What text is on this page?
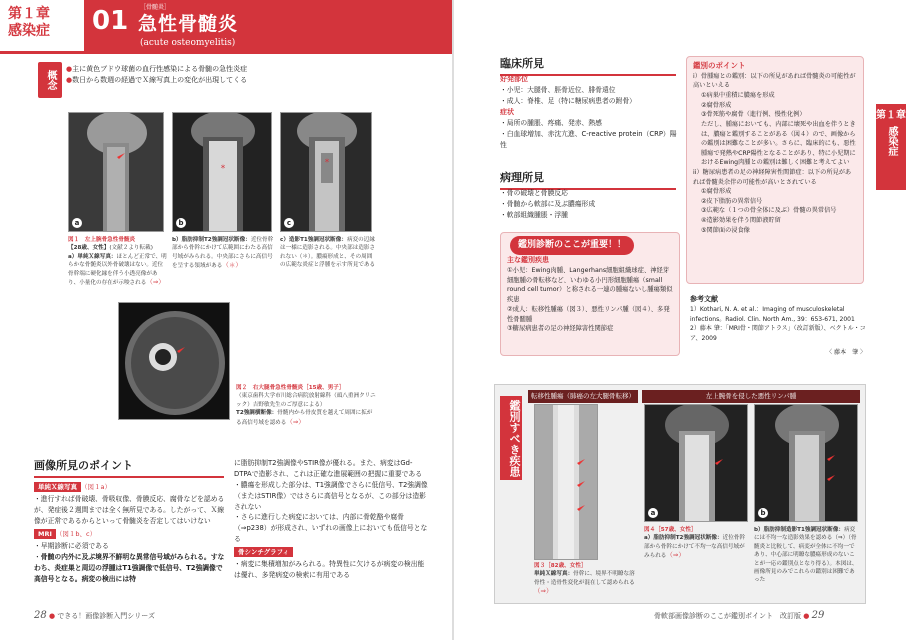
第１章
感染症	01 ［骨髄炎］
急性骨髄炎
(acute osteomyelitis)
概念
●主に黄色ブドウ球菌の血行性感染による骨髄の急性炎症
●数日から数週の経過でＸ線写真上の変化が出現してくる
a
*
b
*
c
図１　左上腕骨急性骨髄炎
【28歳、女性】(文献２より転載)
a）単純Ｘ線写真：ほとんど正常で、明らかな骨髄炎以外骨破壊はない。近位骨幹端に硬化縁を伴う小透亮像があり、小量化の存在が示唆される（⇒）
b）脂肪抑制T2強調冠状断像：近位骨幹部から骨幹にかけて広範囲にわたる高信号域がみられる。中央部にさらに高信号を呈する領域がある（＊）
c）造影T1強調冠状断像：病変の辺縁は一様に造影される。中央部は造影されない（＊）。膿瘍形成と、その周囲の広範な炎症と浮腫を示す所見である
図２　右大腿骨急性骨髄炎［15歳、男子］
（東京歯科大学市川総合病院放射線科（頭八重洲クリニック）吉野敏先生のご厚意による）
T2強調横断像：骨髄内から骨皮質を越えて周囲に拡がる高信号域を認める（⇒）
画像所見のポイント
単純Ｘ線写真 （図１a）
・進行すれば骨破壊、骨吸収像、骨膜反応、腐骨などを認めるが、発症後２週間までは全く無所見である。したがって、Ｘ線像が正常であるからといって骨髄炎を否定してはいけない
MRI （図１b、c）
・早期診断に必須である
・骨髄の内外に及ぶ境界不鮮明な異常信号域がみられる。すなわち、炎症巣と周辺の浮腫はT1強調像で低信号、T2強調像で高信号となる。病変の検出には特
に脂肪抑制T2強調像やSTIR像が優れる。また、病変はGd-DTPAで造影され、これは正確な進展範囲の把握に重要である
・膿瘍を形成した部分は、T1強調像でさらに低信号、T2強調像（またはSTIR像）ではさらに高信号となるが、この部分は造影されない
・さらに進行した病変においては、内部に骨乾酪や腐骨（⇒p238）が形成され、いずれの画像上においても低信号となる
骨シンチグラフィ
・病変に集積増加がみられる。特異性に欠けるが病変の検出能は優れ、多発病変の検索に有用である
28 ● できる！画像診断入門シリーズ
臨床所見
好発部位
・小児：大腿骨、脛骨近位、腓骨遠位
・成人：脊椎、足（特に糖尿病患者の跗骨）
症状
・局所の腫脹、疼痛、発赤、熱感
・白血球増加、赤沈亢進、C-reactive protein（CRP）陽性
病理所見
・骨の破壊と骨膜反応
・骨髄から軟部に及ぶ膿瘍形成
・軟部組織腫脹・浮腫
主な鑑別疾患
①小児：Ewing肉腫、Langerhans細胞組織球症、神経芽細胞腫の骨転移など、いわゆる小円形細胞腫瘍（small round cell tumor）と称される一連の腫瘍ないし腫瘍類似疾患
②成人：転移性腫瘍（図３）、悪性リンパ腫（図４）、多発性骨髄腫
③糖尿病患者の足の神経障害性関節症
鑑別診断のここが重要！！
鑑別のポイント
i）骨腫瘍との鑑別：以下の所見があれば骨髄炎の可能性が高いといえる
①病巣中重積に膿瘍を形成
②腐骨形成
③骨死筋や腐骨（進行例、慢性化例）
ただし、腫瘍においても、内部に壊死や出血を伴うときは、膿瘍と鑑別することがある（図４）ので、画像からの鑑別は困難なことが多い。さらに、臨床的にも、悪性腫瘍で発熱やCRP陽性となることがあり、特に小児期におけるEwing肉腫との鑑別は難しく困難と考えてよい
ii）糖尿病患者の足の神経障害性関節症：以下の所見があれば骨髄炎余伴の可能性が高いとされている
①腐骨形成
②皮下脂肪の異常信号
③広範な（１つの骨全体に及ぶ）骨髄の異常信号
④造影効果を伴う関節液貯留
⑤関節面の浸食像
参考文献
1）Kothari, N. A. et al.：Imaging of musculoskeletal infections。Radiol. Clin. North Am., 39：653-671, 2001
2）藤本 肇：「MRI骨・関節アトラス」（改訂新版）、ベクトル・コア、2009
〈 藤本　肇 〉
第１章
感染症
鑑別すべき疾患
転移性腫瘍（肺癌の左大腿骨転移）	左上腕骨を侵した悪性リンパ腫
図３［82歳、女性］
単純Ｘ線写真：骨幹に、境界不明瞭な溶骨性・造骨性変化が混在して認められる（⇒）
a	b
図４［57歳、女性］
a）脂肪抑制T2強調冠状断像：近位骨幹部から骨幹にかけて不均一な高信号域がみられる（⇒）
b）脂肪抑制造影T1強調冠状断像：病変には不均一な造影効果を認める（⇒）（骨髄炎と比較して、病変が全体に不均一であり、中心部に明瞭な膿瘍形成のないことが一応の鑑別点となり得る）。本図は、画像所見のみでこれらの鑑別は困難であった
骨軟部画像診断のここが鑑別ポイント　改訂版 ● 29
